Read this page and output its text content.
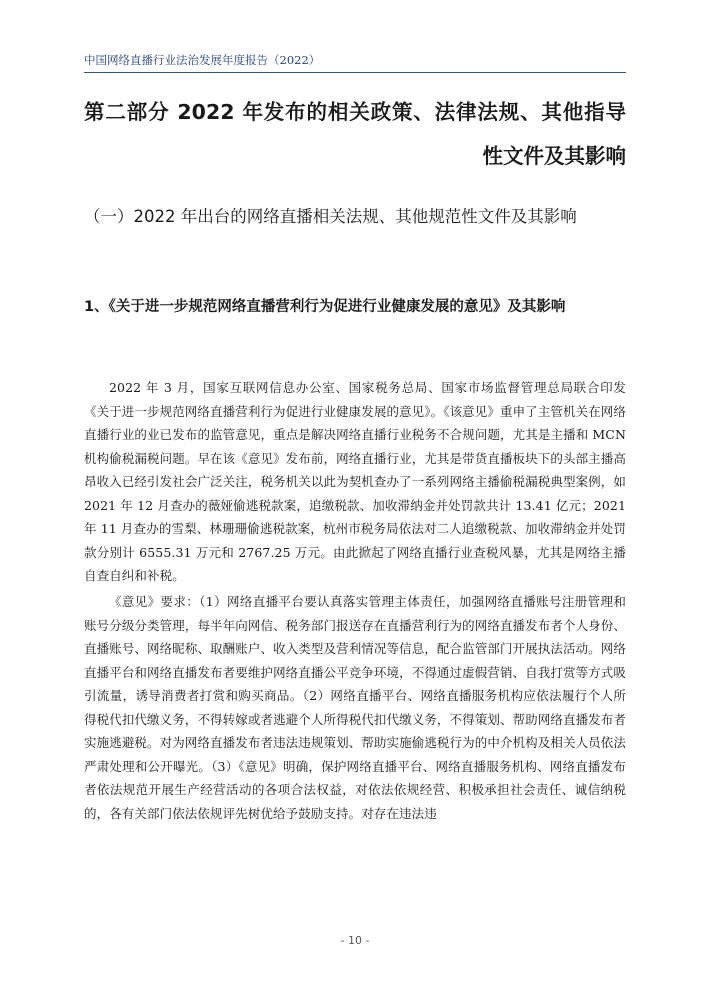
中国网络直播行业法治发展年度报告（2022）
第二部分 2022 年发布的相关政策、法律法规、其他指导性文件及其影响
（一）2022 年出台的网络直播相关法规、其他规范性文件及其影响
1、《关于进一步规范网络直播营利行为促进行业健康发展的意见》及其影响

2022 年 3 月，国家互联网信息办公室、国家税务总局、国家市场监督管理总局联合印发《关于进一步规范网络直播营利行为促进行业健康发展的意见》。《该意见》重申了主管机关在网络直播行业的业已发布的监管意见，重点是解决网络直播行业税务不合规问题，尤其是主播和 MCN 机构偷税漏税问题。早在该《意见》发布前，网络直播行业，尤其是带货直播板块下的头部主播高昂收入已经引发社会广泛关注，税务机关以此为契机查办了一系列网络主播偷税漏税典型案例，如 2021 年 12 月查办的薇娅偷逃税款案，追缴税款、加收滞纳金并处罚款共计 13.41 亿元；2021 年 11 月查办的雪梨、林珊珊偷逃税款案，杭州市税务局依法对二人追缴税款、加收滞纳金并处罚款分别计 6555.31 万元和 2767.25 万元。由此掀起了网络直播行业查税风暴，尤其是网络主播自查自纠和补税。

《意见》要求：（1）网络直播平台要认真落实管理主体责任，加强网络直播账号注册管理和账号分级分类管理，每半年向网信、税务部门报送存在直播营利行为的网络直播发布者个人身份、直播账号、网络昵称、取酬账户、收入类型及营利情况等信息，配合监管部门开展执法活动。网络直播平台和网络直播发布者要维护网络直播公平竞争环境，不得通过虚假营销、自我打赏等方式吸引流量，诱导消费者打赏和购买商品。（2）网络直播平台、网络直播服务机构应依法履行个人所得税代扣代缴义务，不得转嫁或者逃避个人所得税代扣代缴义务，不得策划、帮助网络直播发布者实施逃避税。对为网络直播发布者违法违规策划、帮助实施偷逃税行为的中介机构及相关人员依法严肃处理和公开曝光。（3）《意见》明确，保护网络直播平台、网络直播服务机构、网络直播发布者依法规范开展生产经营活动的各项合法权益，对依法依规经营、积极承担社会责任、诚信纳税的，各有关部门依法依规评先树优给予鼓励支持。对存在违法违

- 10 -
